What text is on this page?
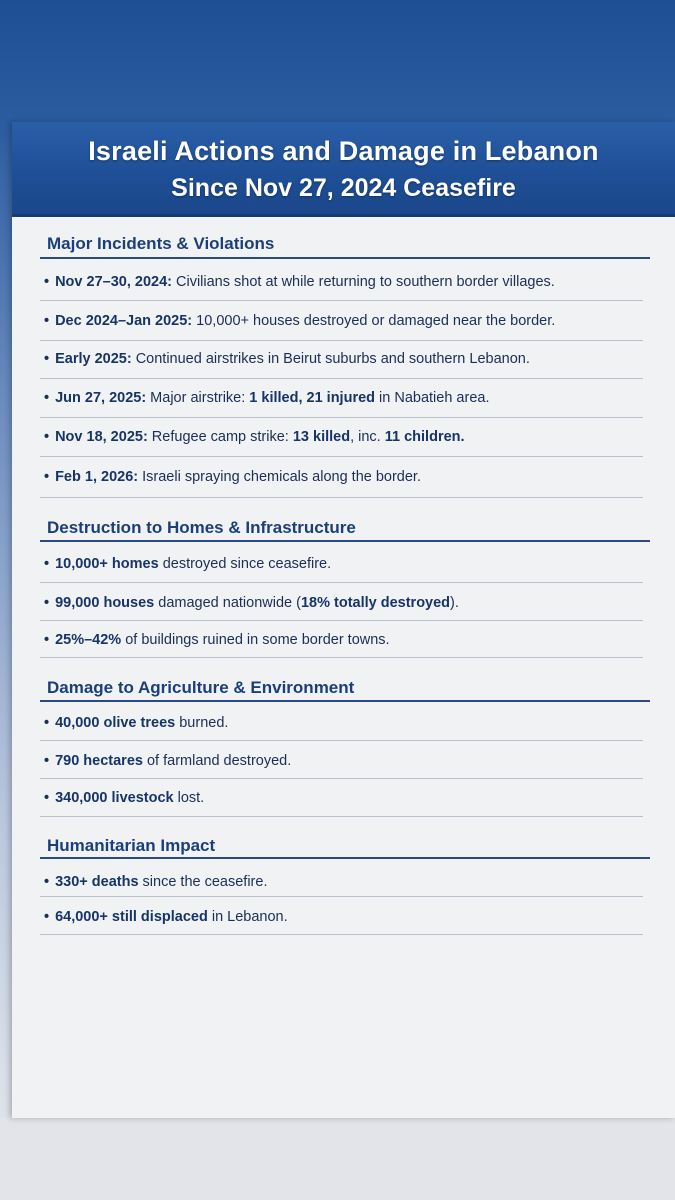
Israeli Actions and Damage in Lebanon
Since Nov 27, 2024 Ceasefire
Major Incidents & Violations
• Nov 27–30, 2024: Civilians shot at while returning to southern border villages.
• Dec 2024–Jan 2025: 10,000+ houses destroyed or damaged near the border.
• Early 2025: Continued airstrikes in Beirut suburbs and southern Lebanon.
• Jun 27, 2025: Major airstrike: 1 killed, 21 injured in Nabatieh area.
• Nov 18, 2025: Refugee camp strike: 13 killed, inc. 11 children.
• Feb 1, 2026: Israeli spraying chemicals along the border.
Destruction to Homes & Infrastructure
• 10,000+ homes destroyed since ceasefire.
• 99,000 houses damaged nationwide (18% totally destroyed).
• 25%–42% of buildings ruined in some border towns.
Damage to Agriculture & Environment
• 40,000 olive trees burned.
• 790 hectares of farmland destroyed.
• 340,000 livestock lost.
Humanitarian Impact
• 330+ deaths since the ceasefire.
• 64,000+ still displaced in Lebanon.
